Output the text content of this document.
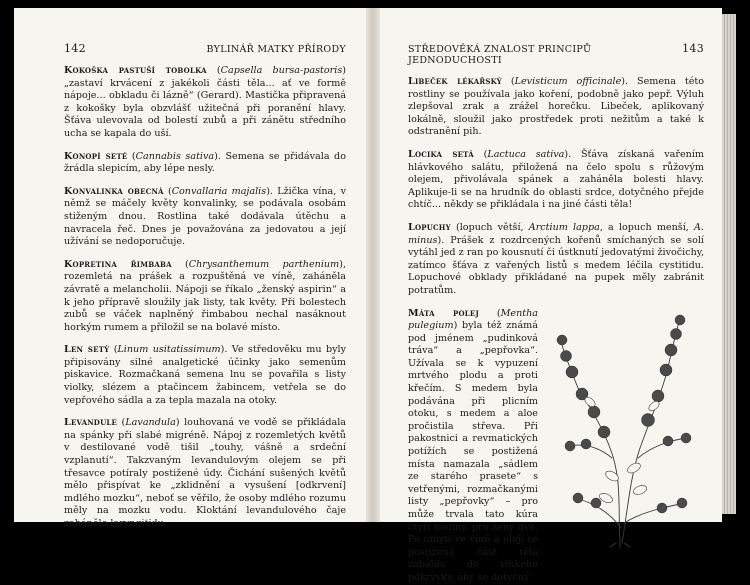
142	BYLINÁŘ MATKY PŘÍRODY

Kokoška pastuší tobolka (Capsella bursa-pastoris) „zastaví krvácení z jakékoli části těla... ať ve formě nápoje... obkladu či lázně“ (Gerard). Mastička připravená z kokošky byla obzvlášť užitečná při poranění hlavy. Šťáva ulevovala od bolestí zubů a při zánětu středního ucha se kapala do uší.

Konopí seté (Cannabis sativa). Semena se přidávala do žrádla slepicím, aby lépe nesly.

Konvalinka obecná (Convallaria majalis). Lžička vína, v němž se máčely květy konvalinky, se podávala osobám stiženým dnou. Rostlina také dodávala útěchu a navracela řeč. Dnes je považována za jedovatou a její užívání se nedoporučuje.

Kopretina řimbaba (Chrysanthemum parthenium), rozemletá na prášek a rozpuštěná ve víně, zaháněla závratě a melancholii. Nápoji se říkalo „ženský aspirin“ a k jeho přípravě sloužily jak listy, tak květy. Při bolestech zubů se váček naplněný řimbabou nechal nasáknout horkým rumem a přiložil se na bolavé místo.

Len setý (Linum usitatissimum). Ve středověku mu byly připisovány silné analgetické účinky jako semenům piskavice. Rozmačkaná semena lnu se povařila s listy violky, slézem a ptačincem žabincem, vetřela se do vepřového sádla a za tepla mazala na otoky.

Levandule (Lavandula) louhovaná ve vodě se přikládala na spánky při slabé migréně. Nápoj z rozemletých květů v destilované vodě tišil „touhy, vášně a srdeční vzplanutí“. Takzvaným levandulovým olejem se při třesavce potíraly postižené údy. Čichání sušených květů mělo přispívat ke „zklidnění a vysušení [odkrvení] mdlého mozku“, neboť se věřilo, že osoby mdlého rozumu měly na mozku vodu. Kloktání levandulového čaje zahánělo laryngitidu.

STŘEDOVĚKÁ ZNALOST PRINCIPŮ JEDNODUCHOSTI
143

Libeček lékařský (Levisticum officinale). Semena této rostliny se používala jako koření, podobně jako pepř. Výluh zlepšoval zrak a zrážel horečku. Libeček, aplikovaný lokálně, sloužil jako prostředek proti nežitům a také k odstranění pih.

Locika setá (Lactuca sativa). Šťáva získaná vařením hlávkového salátu, přiložená na čelo spolu s růžovým olejem, přivolávala spánek a zaháněla bolesti hlavy. Aplikuje-li se na hrudník do oblasti srdce, dotyčného přejde chtíč... někdy se přikládala i na jiné části těla!

Lopuchy (lopuch větší, Arctium lappa, a lopuch menší, A. minus). Prášek z rozdrcených kořenů smíchaných se solí vytáhl jed z ran po kousnutí či ústknutí jedovatými živočichy, zatímco šťáva z vařených listů s medem léčila cystitidu. Lopuchové obklady přikládané na pupek měly zabránit potratům.

Máta polej (Mentha pulegium) byla též známá pod jménem „pudinková tráva“ a „pepřovka“. Užívala se k vypuzení mrtvého plodu a proti křečím. S medem byla podávána při plicním otoku, s medem a aloe pročistila střeva. Při pakostnici a revmatických potížích se postižená místa namazala „sádlem ze starého prasete“ s vetřenými, rozmačkanými listy „pepřovky“ – pro může trvala tato kúra čtyři hodiny, pro ženy dvě. Po umytí ve víně a oleji se postižená část těla zabalila do vlhkého pokrývky, aby se dotyčný
